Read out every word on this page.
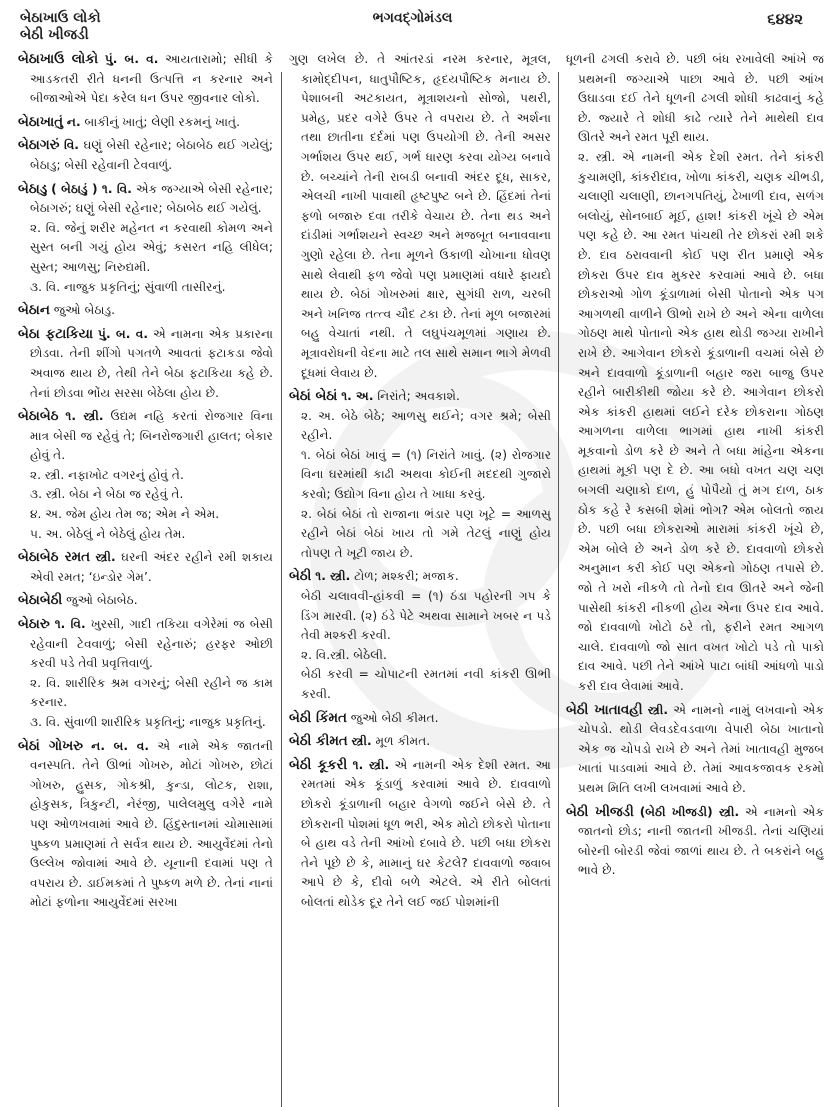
બેઠાખાઉ લોકો
બેઠી ખીજડી
ભગવદ્ગોમંડલ	૬૪૪૨

બેઠાખાઉ લોકો પું. બ. વ. આયતારામો; સીધી કે આડકતરી રીતે ધનની ઉત્પત્તિ ન કરનાર અને બીજાઓએ પેદા કરેલ ધન ઉપર જીવનાર લોકો.

બેઠાખાતું ન. બાકીનું ખાતું; લેણી રકમનું ખાતું.

બેઠાગરું વિ. ઘણું બેસી રહેનાર; બેઠાબેઠ થઈ ગયેલું; બેઠાડુ; બેસી રહેવાની ટેવવાળું.

બેઠાડુ ( બેઠાડું ) ૧. વિ. એક જગ્યાએ બેસી રહેનાર; બેઠાગરું; ઘણું બેસી રહેનાર; બેઠાબેઠ થઈ ગયેલું.

૨. વિ. જેનું શરીર મહેનત ન કરવાથી કોમળ અને સુસ્ત બની ગયું હોય એવું; કસરત નહિ લીધેલ; સુસ્ત; આળસુ; નિરુદ્યમી.

૩. વિ. નાજુક પ્રકૃતિનું; સુંવાળી તાસીરનું.

બેઠાન જુઓ બેઠાડુ.

બેઠા ફટાકિયા પું. બ. વ. એ નામના એક પ્રકારના છોડવા. તેની શીંગો પગતળે આવતાં ફટાકડા જેવો અવાજ થાય છે, તેથી તેને બેઠા ફટાકિયા કહે છે. તેનાં છોડવા ભોંય સરસા બેઠેલા હોય છે.

બેઠાબેઠ ૧. સ્ત્રી. ઉદ્યમ નહિ કરતાં રોજગાર વિના માત્ર બેસી જ રહેવું તે; બિનરોજગારી હાલત; બેકાર હોવું તે.

૨. સ્ત્રી. નફાખોટ વગરનું હોવું તે.

૩. સ્ત્રી. બેઠા ને બેઠા જ રહેવું તે.

૪. અ. જેમ હોય તેમ જ; એમ ને એમ.

૫. અ. બેઠેલું ને બેઠેલું હોય તેમ.

બેઠાબેઠ રમત સ્ત્રી. ઘરની અંદર રહીને રમી શકાય એવી રમત; ‘ઇન્ડોર ગેમ’.

બેઠાબેઠી જુઓ બેઠાબેઠ.

બેઠારુ ૧. વિ. ખુરસી, ગાદી તકિયા વગેરેમાં જ બેસી રહેવાની ટેવવાળું; બેસી રહેનારું; હરફર ઓછી કરવી પડે તેવી પ્રવૃત્તિવાળું.

૨. વિ. શારીરિક શ્રમ વગરનું; બેસી રહીને જ કામ કરનાર.

૩. વિ. સુંવાળી શારીરિક પ્રકૃતિનું; નાજુક પ્રકૃતિનું.

બેઠાં ગોખરુ ન. બ. વ. એ નામે એક જાતની વનસ્પતિ. તેને ઊભાં ગોખરુ, મોટાં ગોખરુ, છોટાં ગોખરુ, હુસક, ગોકશ્રી, કુન્ડા, લોટક, રાશા, હોકુસક, ત્રિકુન્ટી, નેરંજી, પાલેલમુલુ વગેરે નામે પણ ઓળખવામાં આવે છે. હિંદુસ્તાનમાં ચોમાસામાં પુષ્કળ પ્રમાણમાં તે સર્વત્ર થાય છે. આયુર્વેદમાં તેનો ઉલ્લેખ જોવામાં આવે છે. યૂનાની દવામાં પણ તે વપરાય છે. ડાઈમકમાં તે પુષ્કળ મળે છે. તેનાં નાનાં મોટાં ફળોના આયુર્વેદમાં સરખા

ગુણ લખેલ છે. તે આંતરડાં નરમ કરનાર, મૂત્રલ, કામોદ્દીપન, ધાતુપૌષ્ટિક, હૃદયપૌષ્ટિક મનાય છે. પેશાબની અટકાયત, મૂત્રાશયનો સોજો, પથરી, પ્રમેહ, પ્રદર વગેરે ઉપર તે વપરાય છે. તે અર્શના તથા છાતીના દર્દમાં પણ ઉપયોગી છે. તેની અસર ગર્ભાશય ઉપર થઈ, ગર્ભ ધારણ કરવા યોગ્ય બનાવે છે. બચ્ચાંને તેની રાબડી બનાવી અંદર દૂધ, સાકર, એલચી નાખી પાવાથી હૃષ્ટપુષ્ટ બને છે. હિંદમાં તેનાં ફળો બજારુ દવા તરીકે વેચાય છે. તેના થડ અને દાંડીમાં ગર્ભાશયને સ્વચ્છ અને મજબૂત બનાવવાના ગુણો રહેલા છે. તેના મૂળને ઉકાળી ચોખાના ધોવણ સાથે લેવાથી ફળ જેવો પણ પ્રમાણમાં વધારે ફાયદો થાય છે. બેઠાં ગોખરુમાં ક્ષાર, સુગંધી રાળ, ચરબી અને ખનિજ તત્ત્વ ચૌદ ટકા છે. તેનાં મૂળ બજારમાં બહુ વેચાતાં નથી. તે લઘુપંચમૂળમાં ગણાય છે. મૂત્રાવરોધની વેદના માટે તલ સાથે સમાન ભાગે મેળવી દૂધમાં લેવાય છે.

બેઠાં બેઠાં ૧. અ. નિરાંતે; અવકાશે.

૨. અ. બેઠે બેઠે; આળસુ થઈને; વગર શ્રમે; બેસી રહીને.

૧. બેઠાં બેઠાં ખાવું = (૧) નિરાંતે ખાવું. (૨) રોજગાર વિના ઘરમાંથી કાઢી અથવા કોઈની મદદથી ગુજારો કરવો; ઉદ્યોગ વિના હોય તે ખાધા કરવું.

૨. બેઠાં બેઠાં તો રાજાના ભંડાર પણ ખૂટે = આળસુ રહીને બેઠાં બેઠાં ખાય તો ગમે તેટલું નાણું હોય તોપણ તે ખૂટી જાય છે.

બેઠી ૧. સ્ત્રી. ટોળ; મશ્કરી; મજાક.

બેઠી ચલાવવી-હાંકવી = (૧) ઠંડા પહોરની ગપ કે ડિંગ મારવી. (૨) ઠંડે પેટે અથવા સામાને ખબર ન પડે તેવી મશ્કરી કરવી.

૨. વિ.સ્ત્રી. બેઠેલી.

બેઠી કરવી = ચોપાટની રમતમાં નવી કાંકરી ઊભી કરવી.

બેઠી કિંમત જુઓ બેઠી કીમત.

બેઠી કીમત સ્ત્રી. મૂળ કીમત.

બેઠી કૂકરી ૧. સ્ત્રી. એ નામની એક દેશી રમત. આ રમતમાં એક કૂંડાળું કરવામાં આવે છે. દાવવાળો છોકરો કૂંડાળાની બહાર વેગળો જઈને બેસે છે. તે છોકરાની પોશમાં ધૂળ ભરી, એક મોટો છોકરો પોતાના બે હાથ વડે તેની આંખો દબાવે છે. પછી બધા છોકરા તેને પૂછે છે કે, મામાનું ઘર કેટલે? દાવવાળો જવાબ આપે છે કે, દીવો બળે એટલે. એ રીતે બોલતાં બોલતાં થોડેક દૂર તેને લઈ જઈ પોશમાંની

ધૂળની ઢગલી કરાવે છે. પછી બંધ રખાવેલી આંખે જ પ્રથમની જગ્યાએ પાછા આવે છે. પછી આંખ ઉઘાડવા દઈ તેને ધૂળની ઢગલી શોધી કાઢવાનું કહે છે. જ્યારે તે શોધી કાઢે ત્યારે તેને માથેથી દાવ ઊતરે અને રમત પૂરી થાય.

૨. સ્ત્રી. એ નામની એક દેશી રમત. તેને કાંકરી કુચામણી, કાંકરીદાવ, ખોળા કાંકરી, ચણક ચીભડી, ચલાણી ચલાણી, છાનગપતિયું, ઢેખાળી દાવ, સળંગ બલોયું, સોનબાઈ મૂઈ, હાશ! કાંકરી ખૂંચે છે એમ પણ કહે છે. આ રમત પાંચથી તેર છોકરાં રમી શકે છે. દાવ ઠરાવવાની કોઈ પણ રીત પ્રમાણે એક છોકરા ઉપર દાવ મુકરર કરવામાં આવે છે. બધા છોકરાઓ ગોળ કૂંડાળામાં બેસી પોતાનો એક પગ આગળથી વાળીને ઊભો રાખે છે અને એના વાળેલા ગોઠણ માથે પોતાનો એક હાથ થોડી જગ્યા રાખીને રાખે છે. આગેવાન છોકરો કૂંડાળાની વચમાં બેસે છે અને દાવવાળો કૂંડાળાની બહાર જરા બાજુ ઉપર રહીને બારીકીથી જોયા કરે છે. આગેવાન છોકરો એક કાંકરી હાથમાં લઈને દરેક છોકરાના ગોઠણ આગળના વાળેલા ભાગમાં હાથ નાખી કાંકરી મૂકવાનો ડોળ કરે છે અને તે બધા માંહેના એકના હાથમાં મૂકી પણ દે છે. આ બધો વખત ચણ ચણ બગલી ચણાકો દાળ, હું પોપૈયો તું મગ દાળ, ઠાક ઠોક કહે રે કસબી શેમાં ભોગ? એમ બોલતો જાય છે. પછી બધા છોકરાઓ મારામાં કાંકરી ખૂંચે છે, એમ બોલે છે અને ડોળ કરે છે. દાવવાળો છોકરો અનુમાન કરી કોઈ પણ એકનો ગોઠણ તપાસે છે. જો તે ખરો નીકળે તો તેનો દાવ ઊતરે અને જેની પાસેથી કાંકરી નીકળી હોય એના ઉપર દાવ આવે. જો દાવવાળો ખોટો ઠરે તો, ફરીને રમત આગળ ચાલે. દાવવાળો જો સાત વખત ખોટો પડે તો પાકો દાવ આવે. પછી તેને આંખે પાટા બાંધી આંધળો પાડો કરી દાવ લેવામાં આવે.

બેઠી ખાતાવહી સ્ત્રી. એ નામનો નામું લખવાનો એક ચોપડો. થોડી લેવડદેવડવાળા વેપારી બેઠા ખાતાનો એક જ ચોપડો રાખે છે અને તેમાં ખાતાવહી મુજબ ખાતાં પાડવામાં આવે છે. તેમાં આવકજાવક રકમો પ્રથમ મિતિ લખી લખવામાં આવે છે.

બેઠી ખીજડી (બેઠી ખીજડી) સ્ત્રી. એ નામનો એક જાતનો છોડ; નાની જાતની ખીજડી. તેનાં ચણિયાં બોરની બોરડી જેવાં જાળાં થાય છે. તે બકરાંને બહુ ભાવે છે.
